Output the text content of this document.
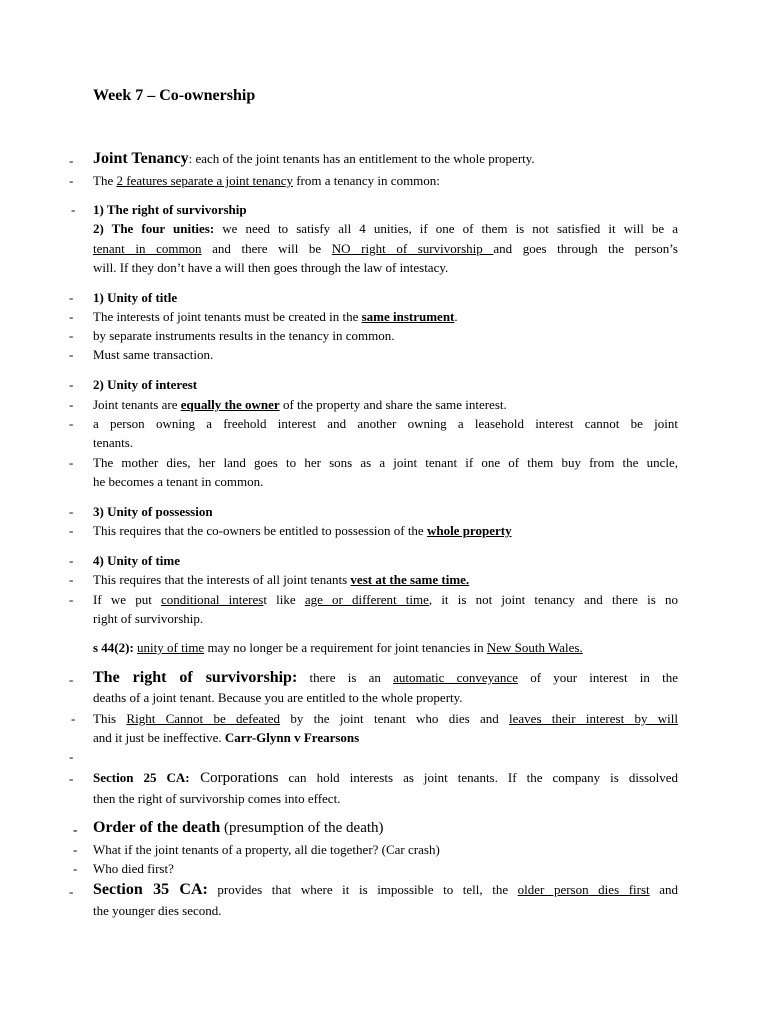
Week 7 – Co-ownership
- Joint Tenancy: each of the joint tenants has an entitlement to the whole property.
- The 2 features separate a joint tenancy from a tenancy in common:
- 1) The right of survivorship
2) The four unities: we need to satisfy all 4 unities, if one of them is not satisfied it will be a
tenant in common and there will be NO right of survivorship and goes through the person’s
will. If they don’t have a will then goes through the law of intestacy.
- 1) Unity of title
- The interests of joint tenants must be created in the same instrument.
- by separate instruments results in the tenancy in common.
- Must same transaction.
- 2) Unity of interest
- Joint tenants are equally the owner of the property and share the same interest.
- a person owning a freehold interest and another owning a leasehold interest cannot be joint
tenants.
- The mother dies, her land goes to her sons as a joint tenant if one of them buy from the uncle,
he becomes a tenant in common.
- 3) Unity of possession
- This requires that the co-owners be entitled to possession of the whole property
- 4) Unity of time
- This requires that the interests of all joint tenants vest at the same time.
- If we put conditional interest like age or different time, it is not joint tenancy and there is no
right of survivorship.
s 44(2): unity of time may no longer be a requirement for joint tenancies in New South Wales.
- The right of survivorship: there is an automatic conveyance of your interest in the
deaths of a joint tenant. Because you are entitled to the whole property.
- This Right Cannot be defeated by the joint tenant who dies and leaves their interest by will
and it just be ineffective. Carr-Glynn v Frearsons
-
- Section 25 CA: Corporations can hold interests as joint tenants. If the company is dissolved
then the right of survivorship comes into effect.
- Order of the death (presumption of the death)
- What if the joint tenants of a property, all die together? (Car crash)
- Who died first?
- Section 35 CA: provides that where it is impossible to tell, the older person dies first and
the younger dies second.
